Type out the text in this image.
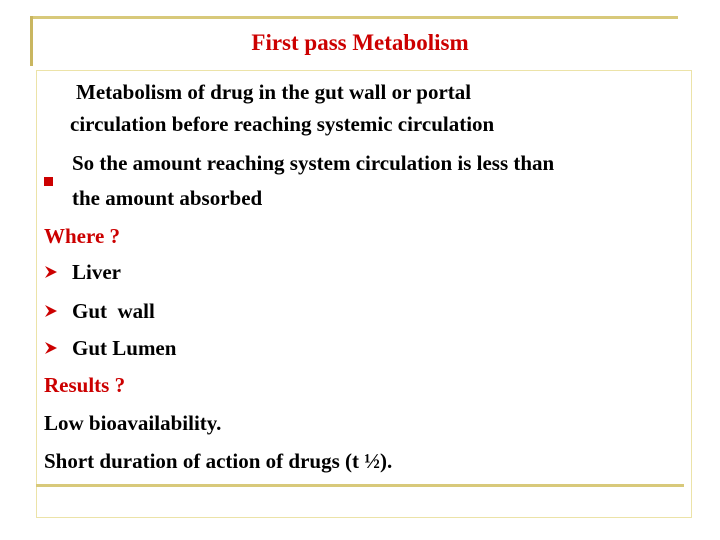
First pass Metabolism
Metabolism of drug in the gut wall or portal
circulation before reaching systemic circulation
So the amount reaching system circulation is less than
the amount absorbed
Where ?
Liver
Gut  wall
Gut Lumen
Results ?
Low bioavailability.
Short duration of action of drugs (t ½).
